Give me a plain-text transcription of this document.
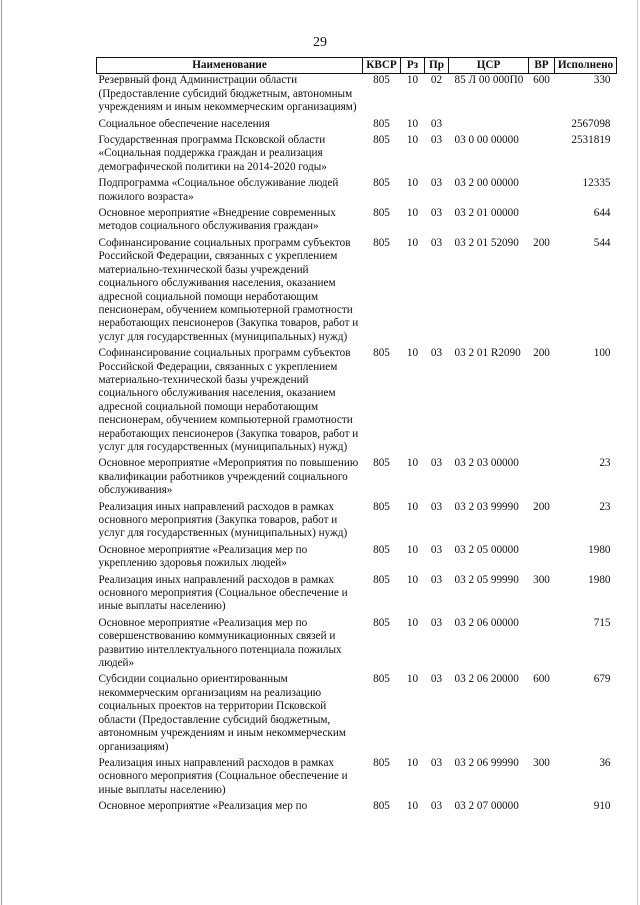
29
Наименование	КВСР	Рз	Пр	ЦСР	ВР	Исполнено
Резервный фонд Администрации области (Предоставление субсидий бюджетным, автономным учреждениям и иным некоммерческим организациям)	805	10	02	85 Л 00 000П0	600	330
Социальное обеспечение населения	805	10	03			2567098
Государственная программа Псковской области «Социальная поддержка граждан и реализация демографической политики на 2014-2020 годы»	805	10	03	03 0 00 00000		2531819
Подпрограмма «Социальное обслуживание людей пожилого возраста»	805	10	03	03 2 00 00000		12335
Основное мероприятие «Внедрение современных методов социального обслуживания граждан»	805	10	03	03 2 01 00000		644
Софинансирование социальных программ субъектов Российской Федерации, связанных с укреплением материально-технической базы учреждений социального обслуживания населения, оказанием адресной социальной помощи неработающим пенсионерам, обучением компьютерной грамотности неработающих пенсионеров (Закупка товаров, работ и услуг для государственных (муниципальных) нужд)	805	10	03	03 2 01 52090	200	544
Софинансирование социальных программ субъектов Российской Федерации, связанных с укреплением материально-технической базы учреждений социального обслуживания населения, оказанием адресной социальной помощи неработающим пенсионерам, обучением компьютерной грамотности неработающих пенсионеров (Закупка товаров, работ и услуг для государственных (муниципальных) нужд)	805	10	03	03 2 01 R2090	200	100
Основное мероприятие «Мероприятия по повышению квалификации работников учреждений социального обслуживания»	805	10	03	03 2 03 00000		23
Реализация иных направлений расходов в рамках основного мероприятия (Закупка товаров, работ и услуг для государственных (муниципальных) нужд)	805	10	03	03 2 03 99990	200	23
Основное мероприятие «Реализация мер по укреплению здоровья пожилых людей»	805	10	03	03 2 05 00000		1980
Реализация иных направлений расходов в рамках основного мероприятия (Социальное обеспечение и иные выплаты населению)	805	10	03	03 2 05 99990	300	1980
Основное мероприятие «Реализация мер по совершенствованию коммуникационных связей и развитию интеллектуального потенциала пожилых людей»	805	10	03	03 2 06 00000		715
Субсидии социально ориентированным некоммерческим организациям на реализацию социальных проектов на территории Псковской области (Предоставление субсидий бюджетным, автономным учреждениям и иным некоммерческим организациям)	805	10	03	03 2 06 20000	600	679
Реализация иных направлений расходов в рамках основного мероприятия (Социальное обеспечение и иные выплаты населению)	805	10	03	03 2 06 99990	300	36
Основное мероприятие «Реализация мер по	805	10	03	03 2 07 00000		910
